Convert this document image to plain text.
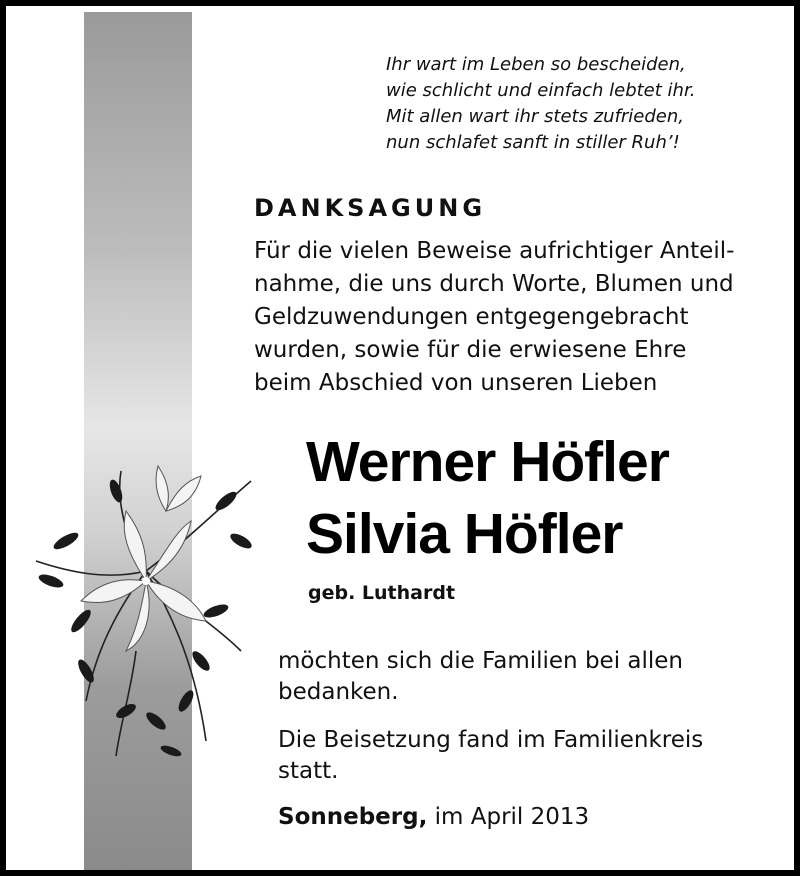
Ihr wart im Leben so bescheiden,
wie schlicht und einfach lebtet ihr.
Mit allen wart ihr stets zufrieden,
nun schlafet sanft in stiller Ruh’!
DANKSAGUNG
Für die vielen Beweise aufrichtiger Anteil-
nahme, die uns durch Worte, Blumen und
Geldzuwendungen entgegengebracht
wurden, sowie für die erwiesene Ehre
beim Abschied von unseren Lieben
Werner Höfler
Silvia Höfler
geb. Luthardt
möchten sich die Familien bei allen
bedanken.
Die Beisetzung fand im Familienkreis
statt.
Sonneberg, im April 2013
